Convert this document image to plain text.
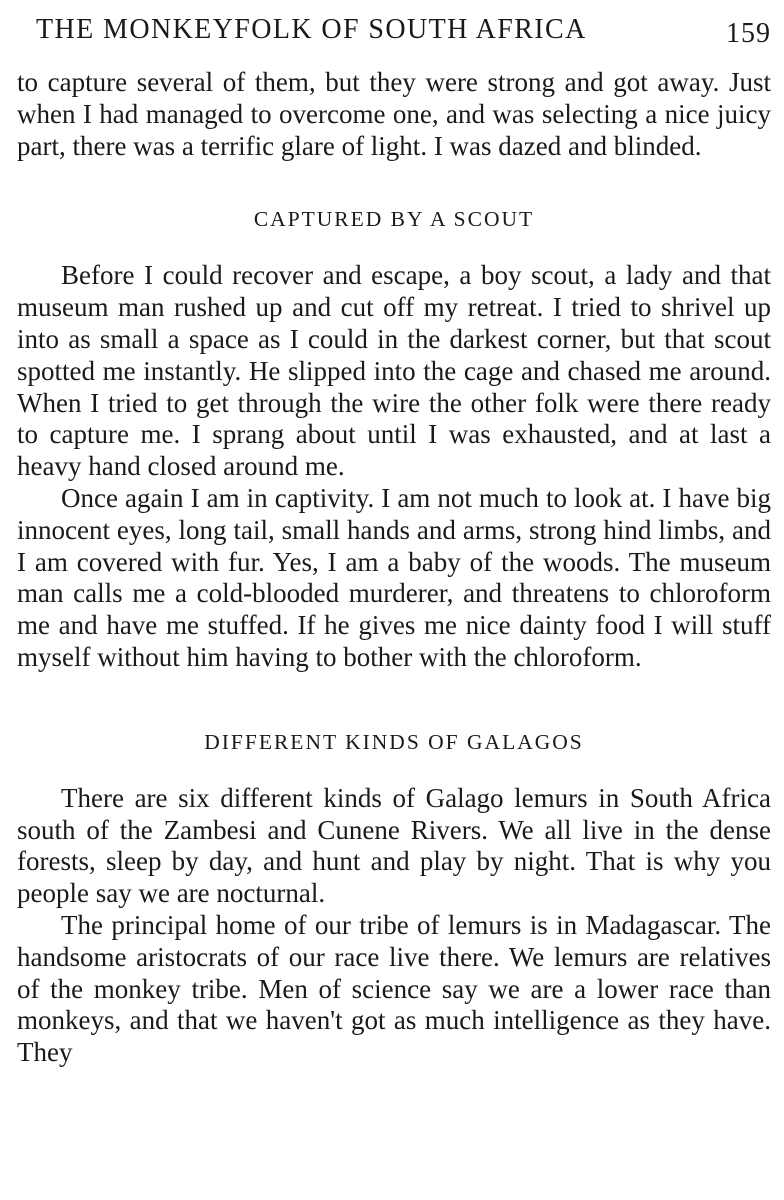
THE MONKEYFOLK OF SOUTH AFRICA	159

to capture several of them, but they were strong and got away. Just when I had managed to overcome one, and was selecting a nice juicy part, there was a terrific glare of light. I was dazed and blinded.

CAPTURED BY A SCOUT

Before I could recover and escape, a boy scout, a lady and that museum man rushed up and cut off my retreat. I tried to shrivel up into as small a space as I could in the darkest corner, but that scout spotted me instantly. He slipped into the cage and chased me around. When I tried to get through the wire the other folk were there ready to capture me. I sprang about until I was exhausted, and at last a heavy hand closed around me.

Once again I am in captivity. I am not much to look at. I have big innocent eyes, long tail, small hands and arms, strong hind limbs, and I am covered with fur. Yes, I am a baby of the woods. The museum man calls me a cold-blooded murderer, and threatens to chloroform me and have me stuffed. If he gives me nice dainty food I will stuff myself without him having to bother with the chloroform.

DIFFERENT KINDS OF GALAGOS

There are six different kinds of Galago lemurs in South Africa south of the Zambesi and Cunene Rivers. We all live in the dense forests, sleep by day, and hunt and play by night. That is why you people say we are nocturnal.

The principal home of our tribe of lemurs is in Madagascar. The handsome aristocrats of our race live there. We lemurs are relatives of the monkey tribe. Men of science say we are a lower race than monkeys, and that we haven't got as much intelligence as they have. They
